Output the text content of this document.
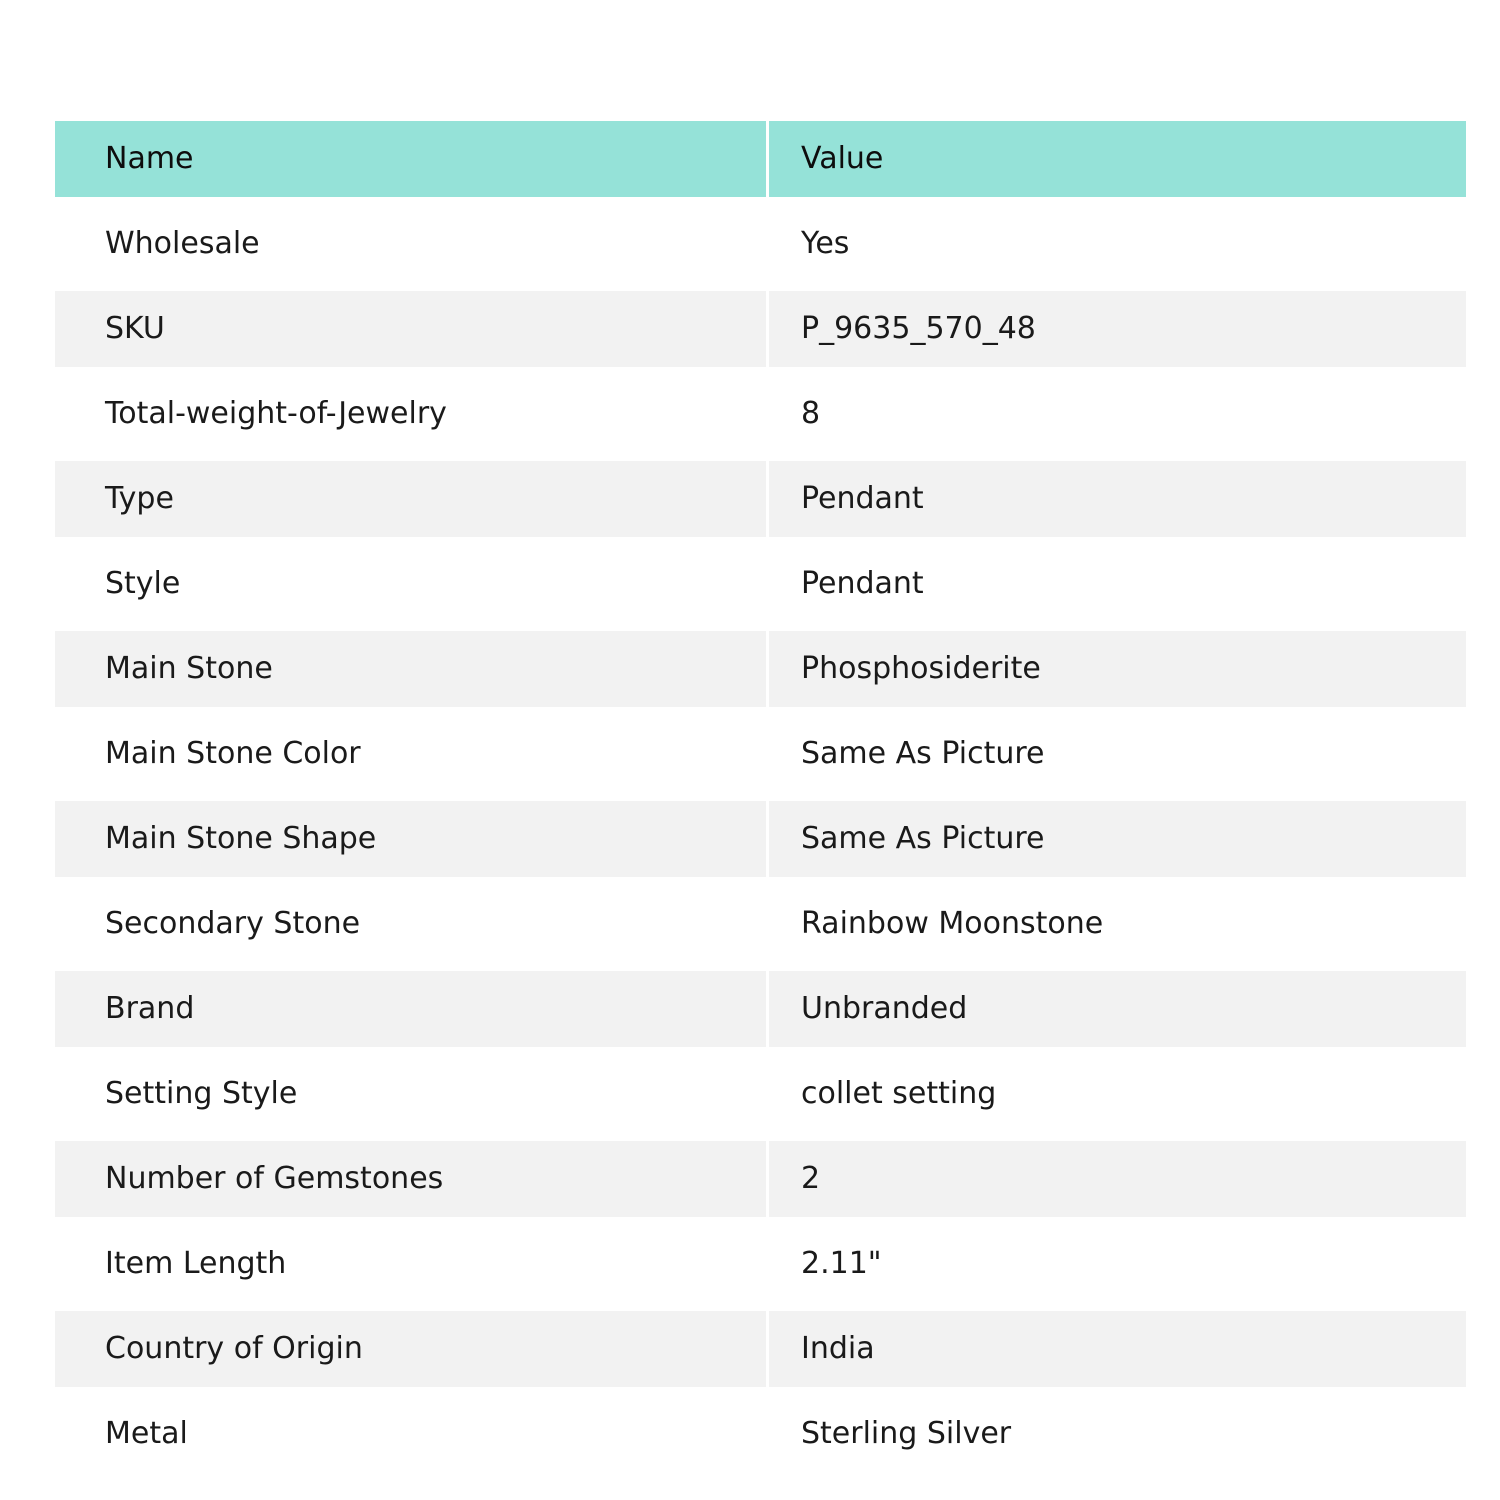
Name	Value
Wholesale	Yes
SKU	P_9635_570_48
Total-weight-of-Jewelry	8
Type	Pendant
Style	Pendant
Main Stone	Phosphosiderite
Main Stone Color	Same As Picture
Main Stone Shape	Same As Picture
Secondary Stone	Rainbow Moonstone
Brand	Unbranded
Setting Style	collet setting
Number of Gemstones	2
Item Length	2.11"
Country of Origin	India
Metal	Sterling Silver
